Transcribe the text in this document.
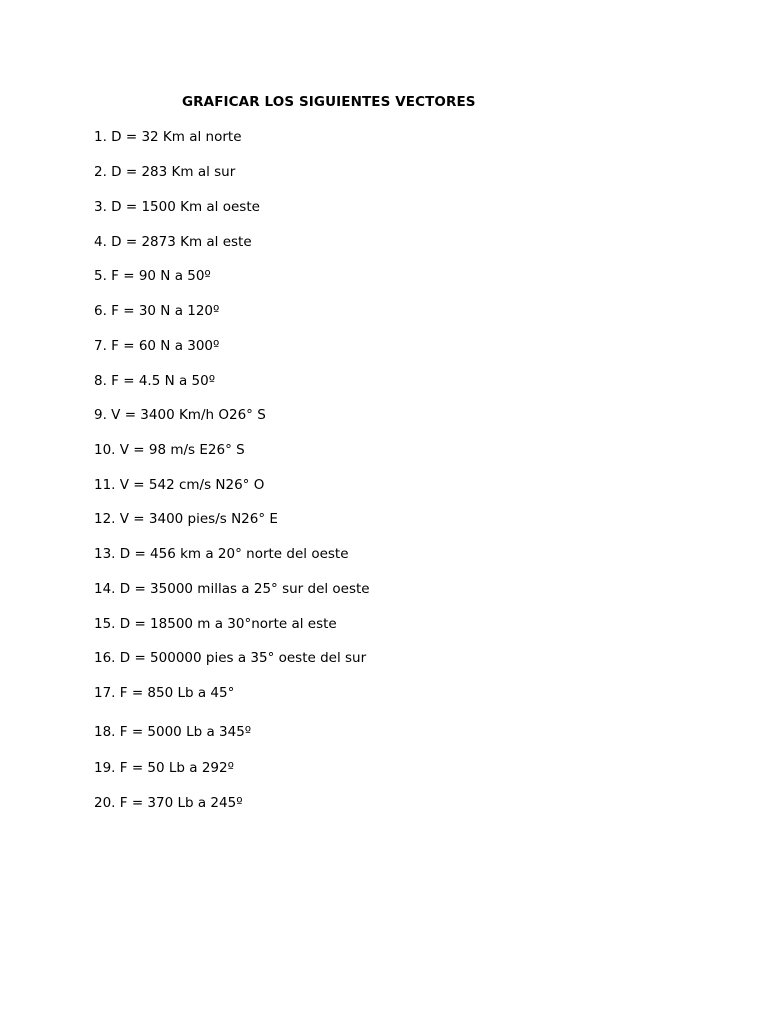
GRAFICAR LOS SIGUIENTES VECTORES
1. D = 32 Km al norte
2. D = 283 Km al sur
3. D = 1500 Km al oeste
4. D = 2873 Km al este
5. F = 90 N a 50º
6. F = 30 N a 120º
7. F = 60 N a 300º
8. F = 4.5 N a 50º
9. V = 3400 Km/h O26° S
10. V = 98 m/s E26° S
11. V = 542 cm/s N26° O
12. V = 3400 pies/s N26° E
13. D = 456 km a 20° norte del oeste
14. D = 35000 millas a 25° sur del oeste
15. D = 18500 m a 30°norte al este
16. D = 500000 pies a 35° oeste del sur
17. F = 850 Lb a 45°
18. F = 5000 Lb a 345º
19. F = 50 Lb a 292º
20. F = 370 Lb a 245º
